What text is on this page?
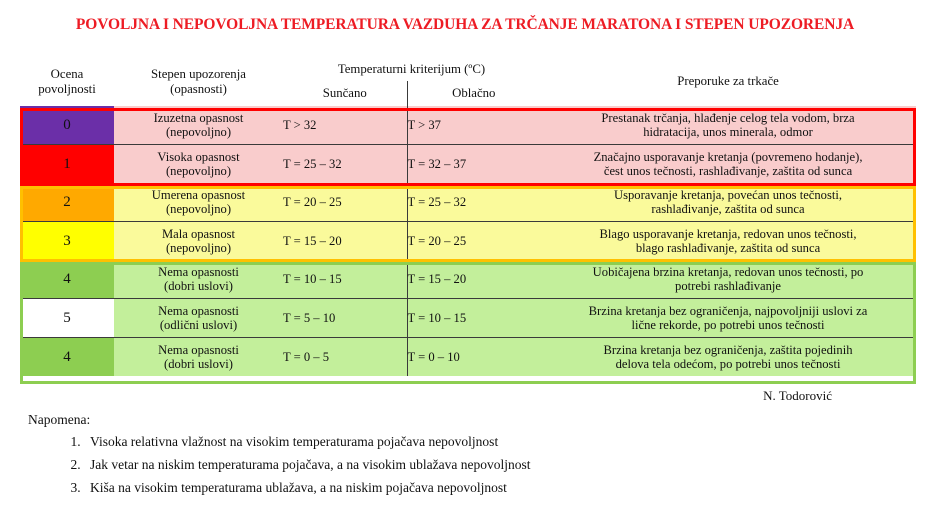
POVOLJNA I NEPOVOLJNA TEMPERATURA VAZDUHA ZA TRČANJE MARATONA I STEPEN UPOZORENJA
Ocena
povoljnosti

Stepen upozorenja
(opasnosti)
	Temperaturni kriterijum (ºC)	Preporuke za trkače
		Sunčano	Oblačno	
0	Izuzetna opasnost
(nepovoljno)
	T > 32	T > 37	
Prestanak trčanja, hlađenje celog tela vodom, brza
hidratacija, unos minerala, odmor

1	Visoka opasnost
(nepovoljno)
	T = 25 – 32	T = 32 – 37	
Značajno usporavanje kretanja (povremeno hodanje),
čest unos tečnosti, rashlađivanje, zaštita od sunca

2	Umerena opasnost
(nepovoljno)
	T = 20 – 25	T = 25 – 32	
Usporavanje kretanja, povećan unos tečnosti,
rashlađivanje, zaštita od sunca

3	Mala opasnost
(nepovoljno)
	T = 15 – 20	T = 20 – 25	
Blago usporavanje kretanja, redovan unos tečnosti,
blago rashlađivanje, zaštita od sunca

4	Nema opasnosti
(dobri uslovi)
	T = 10 – 15	T = 15 – 20	
Uobičajena brzina kretanja, redovan unos tečnosti, po
potrebi rashlađivanje

5	Nema opasnosti
(odlični uslovi)
	T = 5 – 10	T = 10 – 15	
Brzina kretanja bez ograničenja, najpovoljniji uslovi za
lične rekorde, po potrebi unos tečnosti

4	Nema opasnosti
(dobri uslovi)
	T = 0 – 5	T = 0 – 10	
Brzina kretanja bez ograničenja, zaštita pojedinih
delova tela odećom, po potrebi unos tečnosti
N. Todorović
Napomena:
1. Visoka relativna vlažnost na visokim temperaturama pojačava nepovoljnost
2. Jak vetar na niskim temperaturama pojačava, a na visokim ublažava nepovoljnost
3. Kiša na visokim temperaturama ublažava, a na niskim pojačava nepovoljnost
